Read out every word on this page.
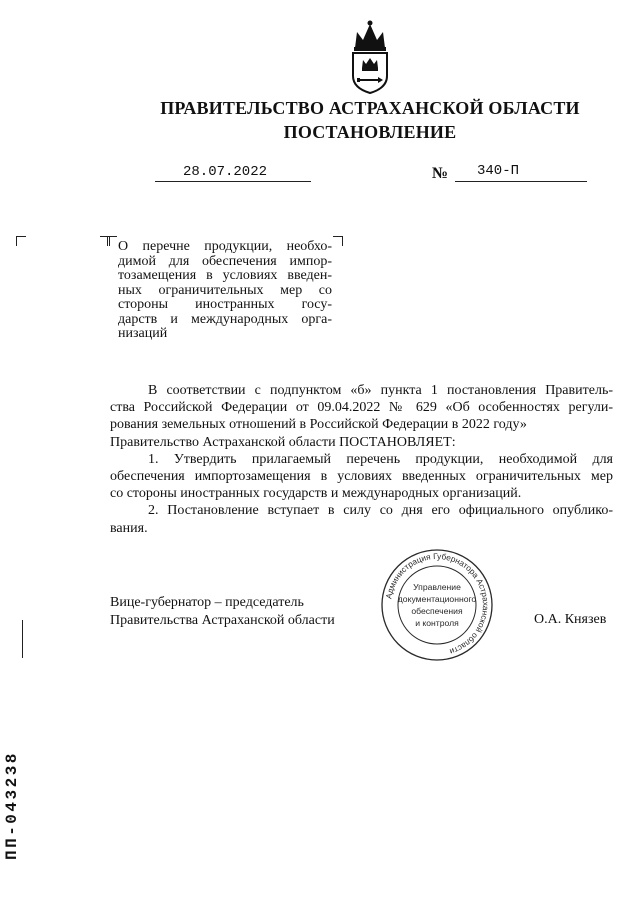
ПРАВИТЕЛЬСТВО АСТРАХАНСКОЙ ОБЛАСТИ
ПОСТАНОВЛЕНИЕ
28.07.2022	№ 340-П
О перечне продукции, необхо-
димой для обеспечения импор-
тозамещения в условиях введен-
ных ограничительных мер со
стороны иностранных госу-
дарств и международных орга-
низаций
В соответствии с подпунктом «б» пункта 1 постановления Правитель-
ства Российской Федерации от 09.04.2022 № 629 «Об особенностях регули-
рования земельных отношений в Российской Федерации в 2022 году»
Правительство Астраханской области ПОСТАНОВЛЯЕТ:
1. Утвердить прилагаемый перечень продукции, необходимой для
обеспечения импортозамещения в условиях введенных ограничительных мер
со стороны иностранных государств и международных организаций.
2. Постановление вступает в силу со дня его официального опублико-
вания.
Вице-губернатор – председатель
Правительства Астраханской области	О.А. Князев
Администрация Губернатора Астраханской области
Управление
документационного
обеспечения
и контроля
ПП-043238
